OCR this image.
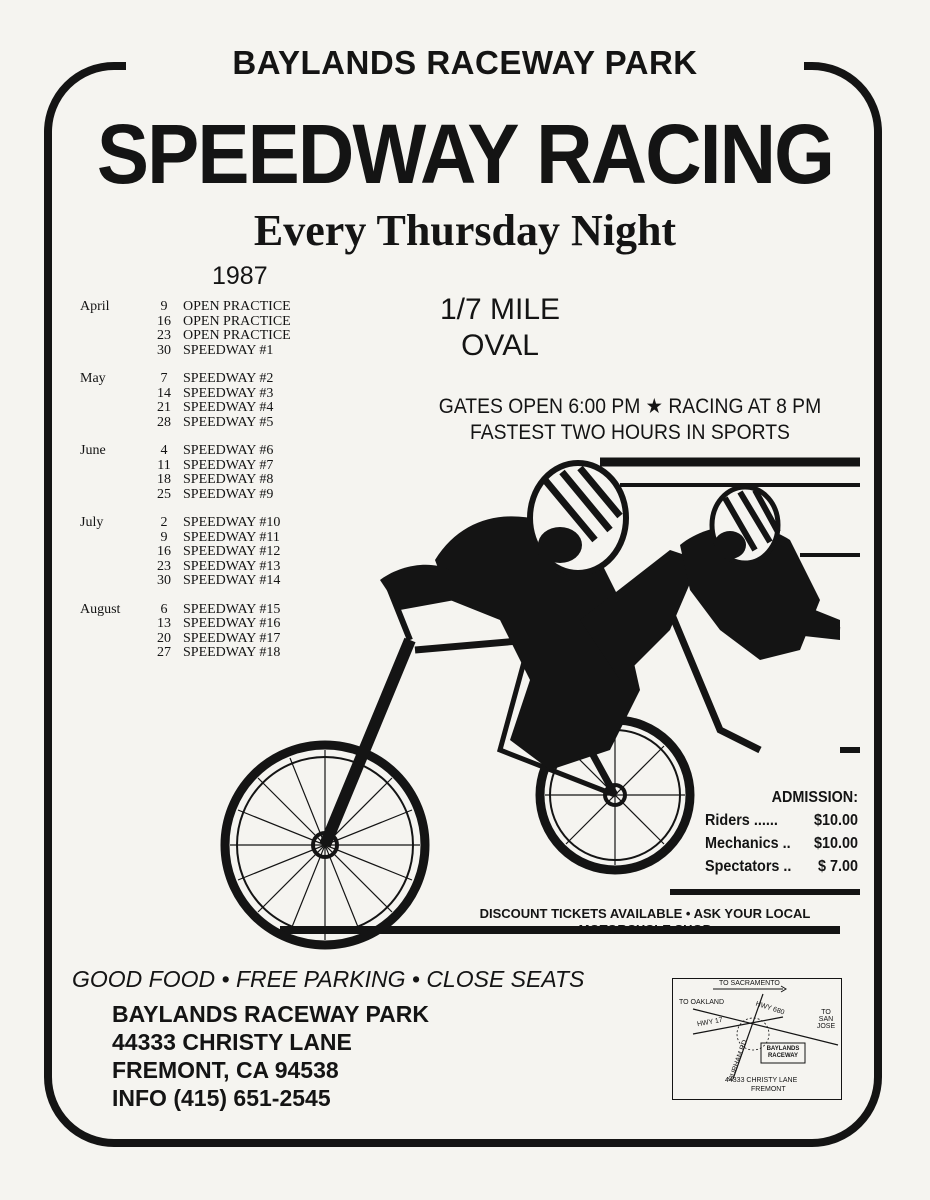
BAYLANDS RACEWAY PARK
SPEEDWAY RACING
Every Thursday Night
1987
April	9	OPEN PRACTICE
16 OPEN PRACTICE
23 OPEN PRACTICE
30 SPEEDWAY #1
May	7	SPEEDWAY #2
14 SPEEDWAY #3
21 SPEEDWAY #4
28 SPEEDWAY #5
June	4	SPEEDWAY #6
11 SPEEDWAY #7
18 SPEEDWAY #8
25 SPEEDWAY #9
July	2	SPEEDWAY #10
9	SPEEDWAY #11
16 SPEEDWAY #12
23 SPEEDWAY #13
30 SPEEDWAY #14
August	6	SPEEDWAY #15
13 SPEEDWAY #16
20 SPEEDWAY #17
27 SPEEDWAY #18
1/7 MILE
OVAL
GATES OPEN 6:00 PM ★ RACING AT 8 PM
FASTEST TWO HOURS IN SPORTS
ADMISSION:
Riders ...... $10.00
Mechanics .. $10.00
Spectators .. $ 7.00
DISCOUNT TICKETS AVAILABLE • ASK YOUR LOCAL
MOTORCYCLE SHOP
GOOD FOOD • FREE PARKING • CLOSE SEATS
BAYLANDS RACEWAY PARK
44333 CHRISTY LANE
FREMONT, CA 94538
INFO (415) 651-2545
TO SACRAMENTO
TO OAKLAND
TO SAN JOSE
HWY 680
HWY 17
DURHAM RD	BAYLANDS RACEWAY
44333 CHRISTY LANE
FREMONT
